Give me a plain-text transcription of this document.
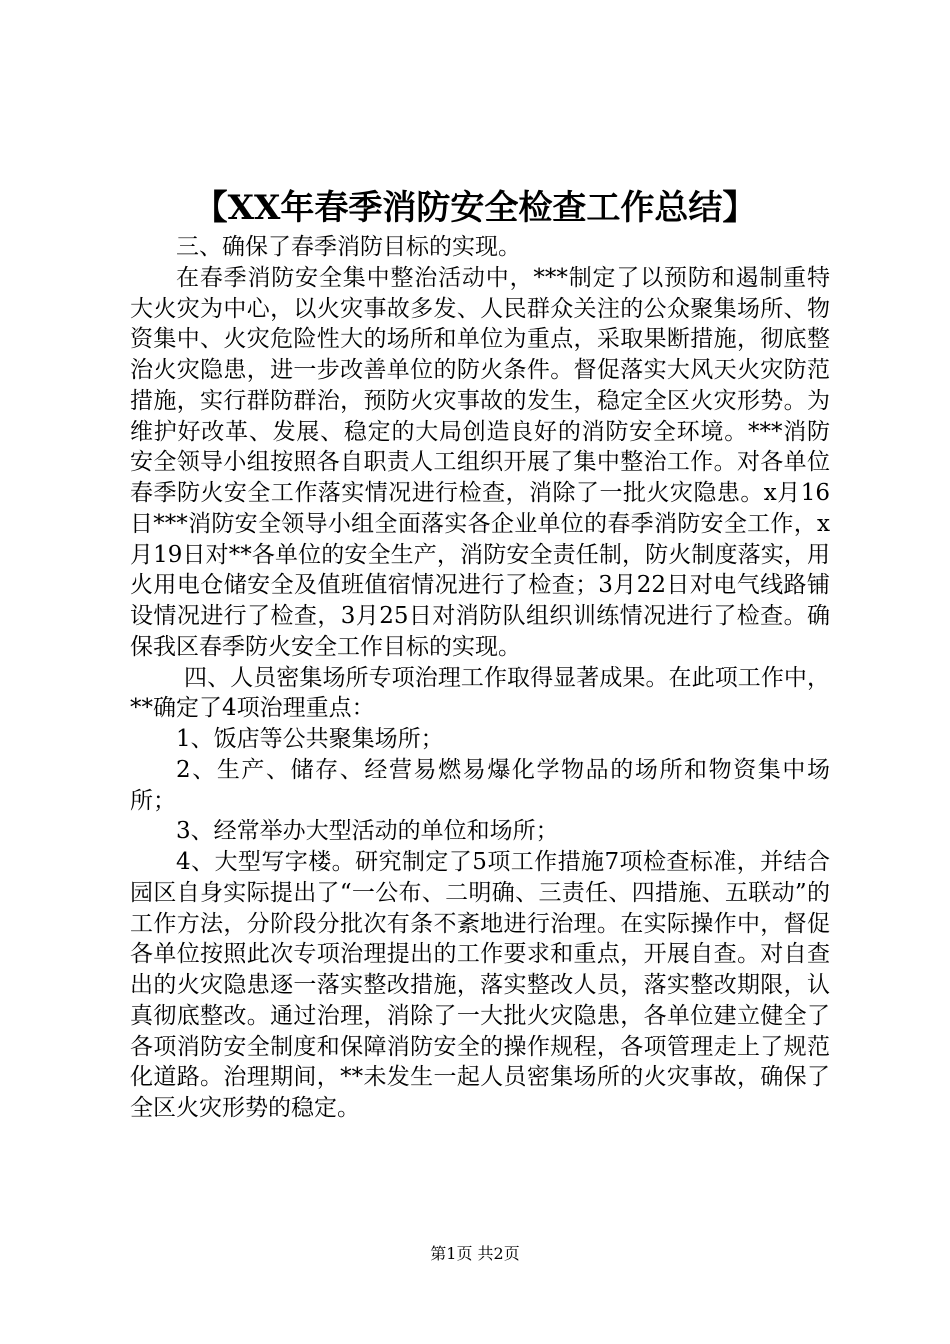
【XX年春季消防安全检查工作总结】

三、确保了春季消防目标的实现。

在春季消防安全集中整治活动中，***制定了以预防和遏制重特大火灾为中心，以火灾事故多发、人民群众关注的公众聚集场所、物资集中、火灾危险性大的场所和单位为重点，采取果断措施，彻底整治火灾隐患，进一步改善单位的防火条件。督促落实大风天火灾防范措施，实行群防群治，预防火灾事故的发生，稳定全区火灾形势。为维护好改革、发展、稳定的大局创造良好的消防安全环境。***消防安全领导小组按照各自职责人工组织开展了集中整治工作。对各单位春季防火安全工作落实情况进行检查，消除了一批火灾隐患。x月16日***消防安全领导小组全面落实各企业单位的春季消防安全工作，x月19日对**各单位的安全生产，消防安全责任制，防火制度落实，用火用电仓储安全及值班值宿情况进行了检查；3月22日对电气线路铺设情况进行了检查，3月25日对消防队组织训练情况进行了检查。确保我区春季防火安全工作目标的实现。

四、人员密集场所专项治理工作取得显著成果。在此项工作中，**确定了4项治理重点：

1、饭店等公共聚集场所；

2、生产、储存、经营易燃易爆化学物品的场所和物资集中场所；

3、经常举办大型活动的单位和场所；

4、大型写字楼。研究制定了5项工作措施7项检查标准，并结合园区自身实际提出了“一公布、二明确、三责任、四措施、五联动”的工作方法，分阶段分批次有条不紊地进行治理。在实际操作中，督促各单位按照此次专项治理提出的工作要求和重点，开展自查。对自查出的火灾隐患逐一落实整改措施，落实整改人员，落实整改期限，认真彻底整改。通过治理，消除了一大批火灾隐患，各单位建立健全了各项消防安全制度和保障消防安全的操作规程，各项管理走上了规范化道路。治理期间，**未发生一起人员密集场所的火灾事故，确保了全区火灾形势的稳定。

第1页 共2页
